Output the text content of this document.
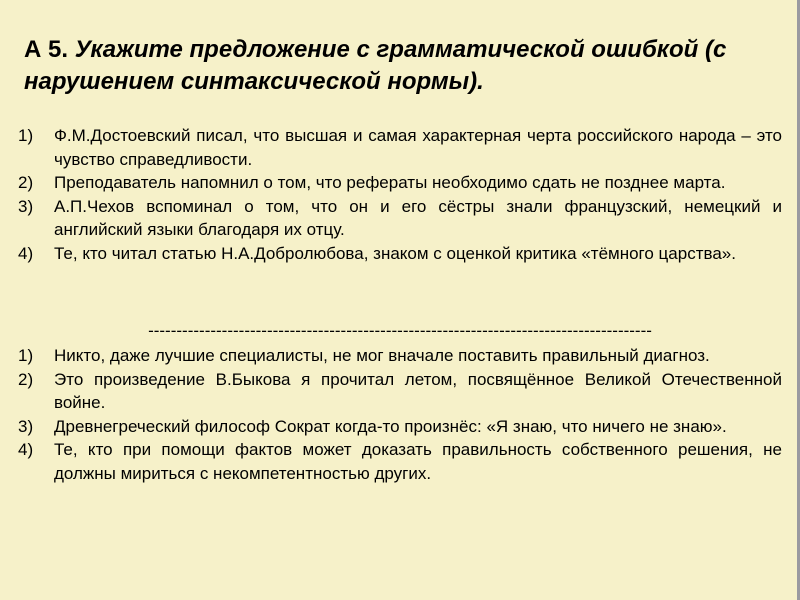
А 5. Укажите предложение с грамматической ошибкой (с нарушением синтаксической нормы).
1)	Ф.М.Достоевский писал, что высшая и самая характерная черта российского народа – это чувство справедливости.
2)	Преподаватель напомнил о том, что рефераты необходимо сдать не позднее марта.
3)	А.П.Чехов вспоминал о том, что он и его сёстры знали французский, немецкий и английский языки благодаря их отцу.
4)	Те, кто читал статью Н.А.Добролюбова, знаком с оценкой критика «тёмного царства».
-----------------------------------------------------------------------------------------
1)	Никто, даже лучшие специалисты, не мог вначале поставить правильный диагноз.
2)	Это произведение В.Быкова я прочитал летом, посвящённое Великой Отечественной войне.
3)	Древнегреческий философ Сократ когда-то произнёс: «Я знаю, что ничего не знаю».
4)	Те, кто при помощи фактов может доказать правильность собственного решения, не должны мириться с некомпетентностью других.
